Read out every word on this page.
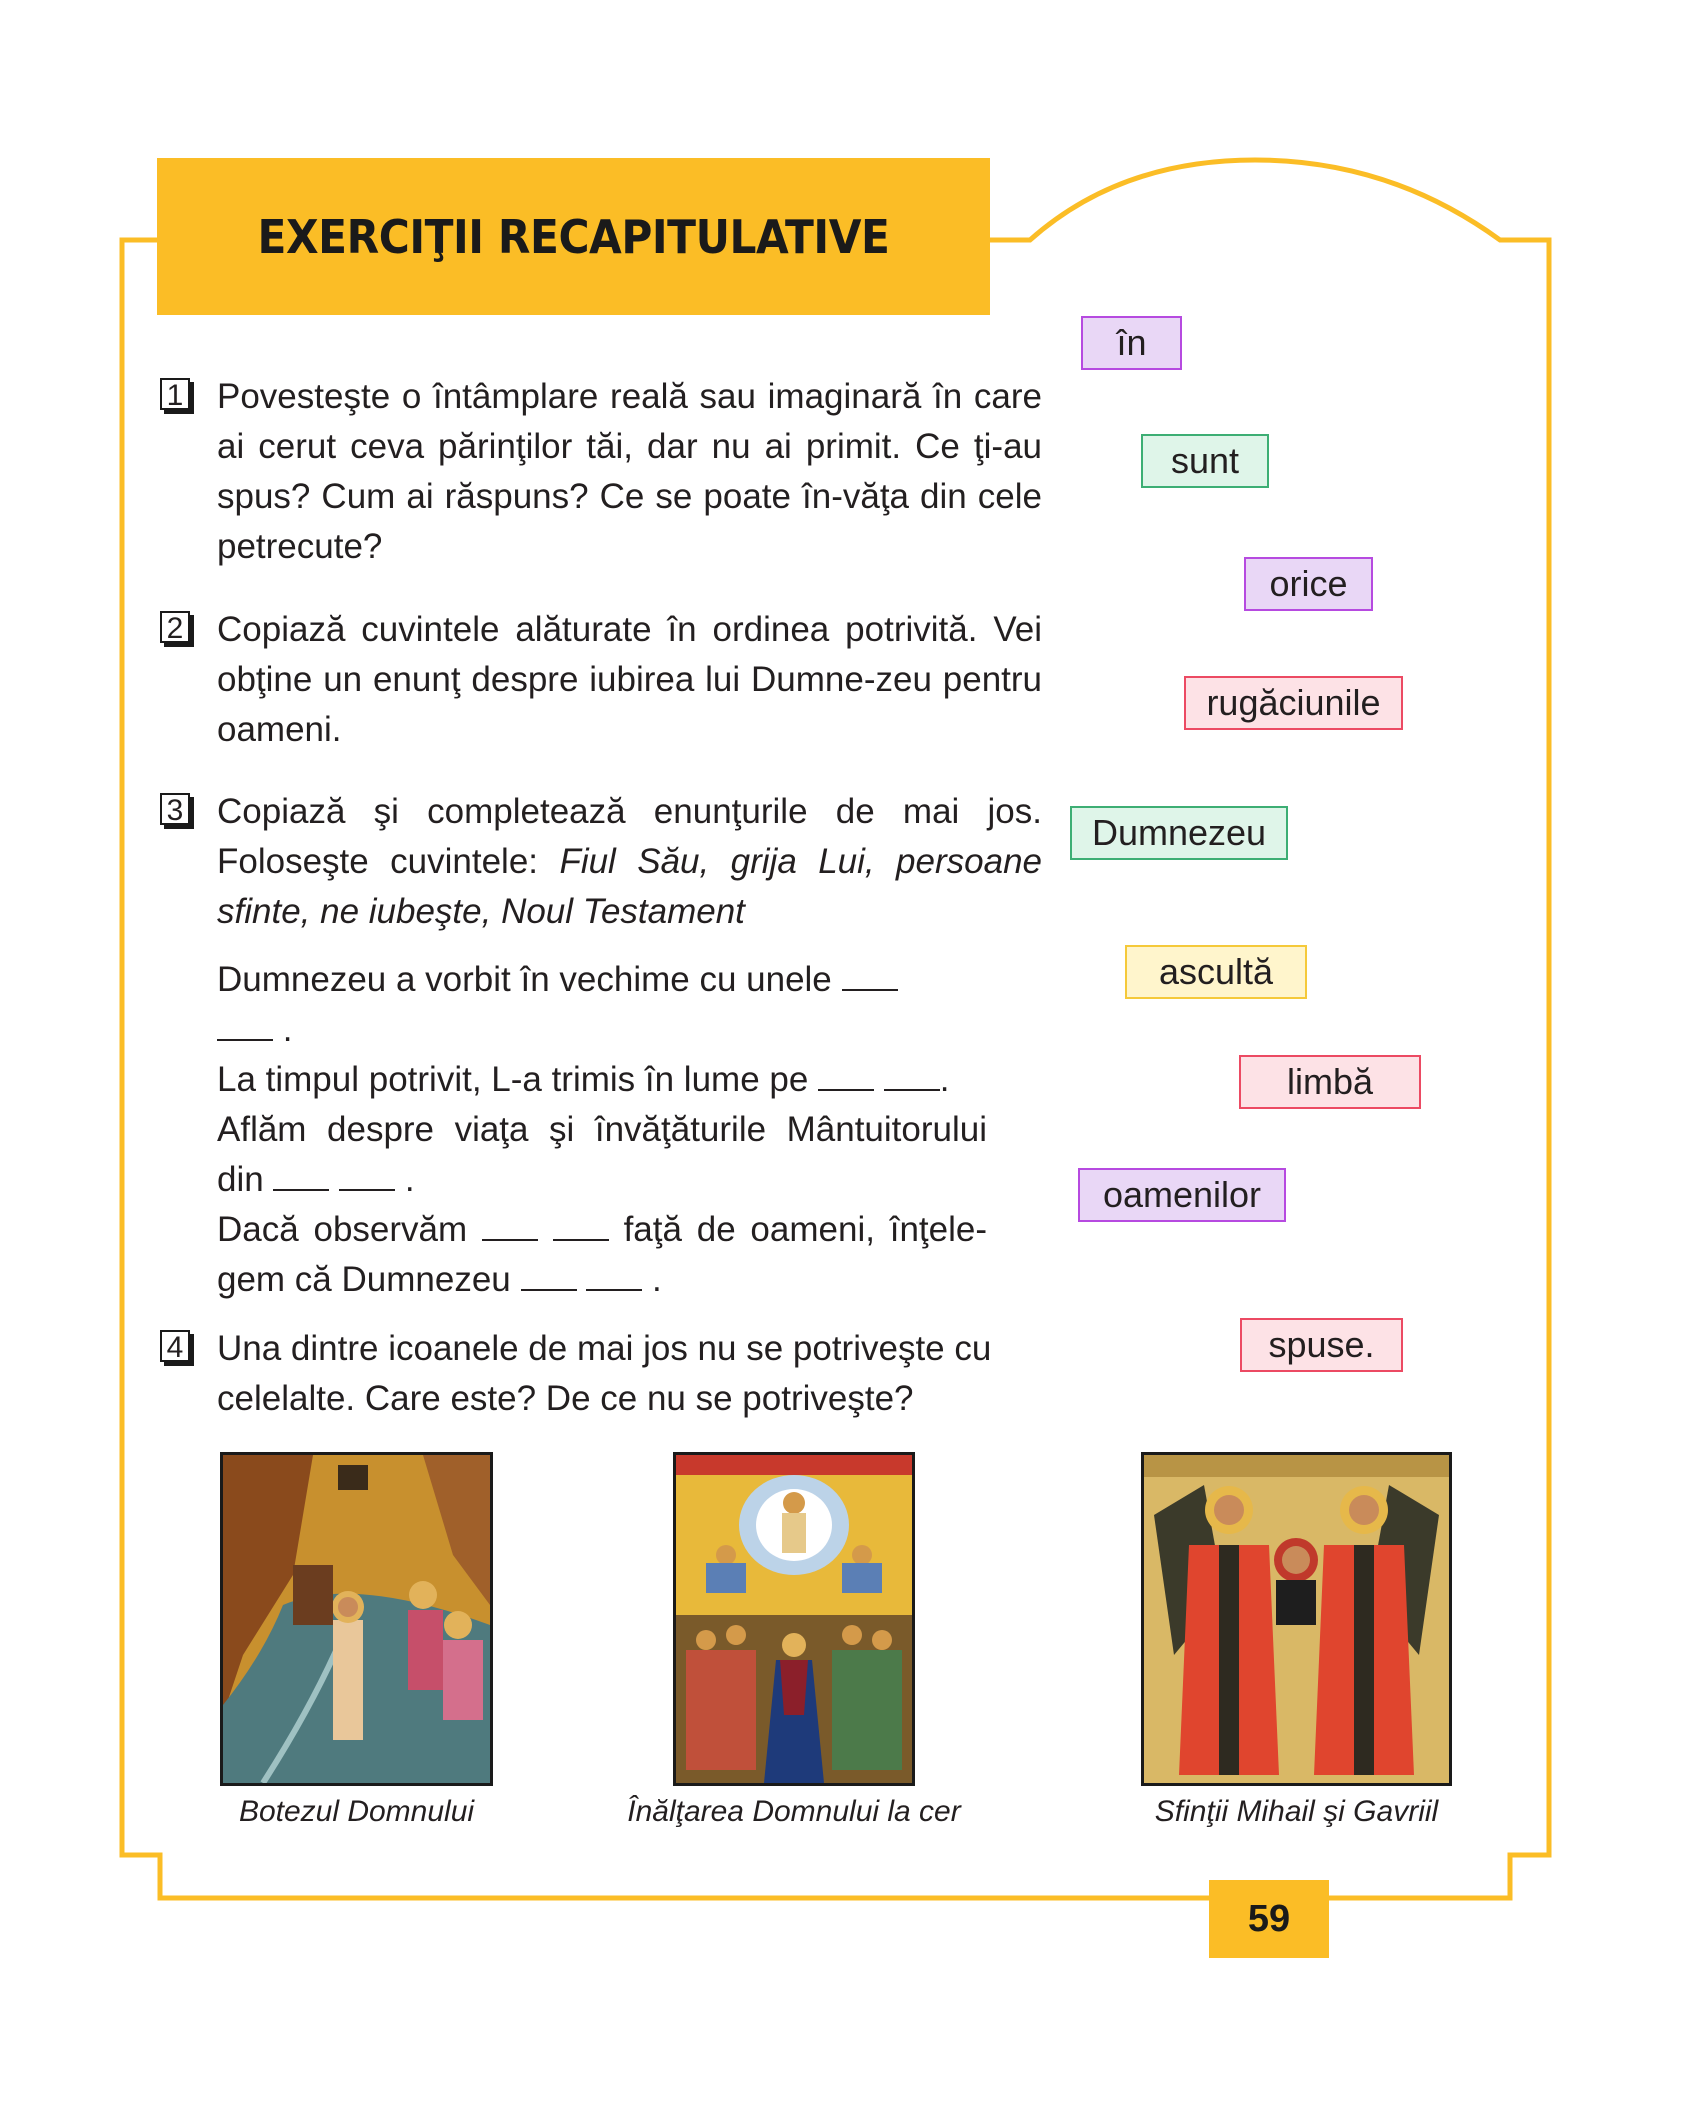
EXERCIŢII RECAPITULATIVE
1 Povesteşte o întâmplare reală sau imaginară în care ai cerut ceva părinţilor tăi, dar nu ai primit. Ce ţi-au spus? Cum ai răspuns? Ce se poate în-văţa din cele petrecute?

2 Copiază cuvintele alăturate în ordinea potrivită. Vei obţine un enunţ despre iubirea lui Dumne-zeu pentru oameni.

3 Copiază şi completează enunţurile de mai jos. Foloseşte cuvintele: Fiul Său, grija Lui, persoane sfinte, ne iubeşte, Noul Testament

Dumnezeu a vorbit în vechime cu unele
.

La timpul potrivit, L-a trimis în lume pe	.

Aflăm despre viaţa şi învăţăturile Mântuitorului din	.

Dacă observăm	faţă de oameni, înţele-gem că Dumnezeu	.

4 Una dintre icoanele de mai jos nu se potriveşte cu celelalte. Care este? De ce nu se potriveşte?

în
sunt
orice
rugăciunile
Dumnezeu
ascultă
limbă
oamenilor
spuse.
Botezul Domnului	Înălţarea Domnului la cer	Sfinţii Mihail şi Gavriil
59
